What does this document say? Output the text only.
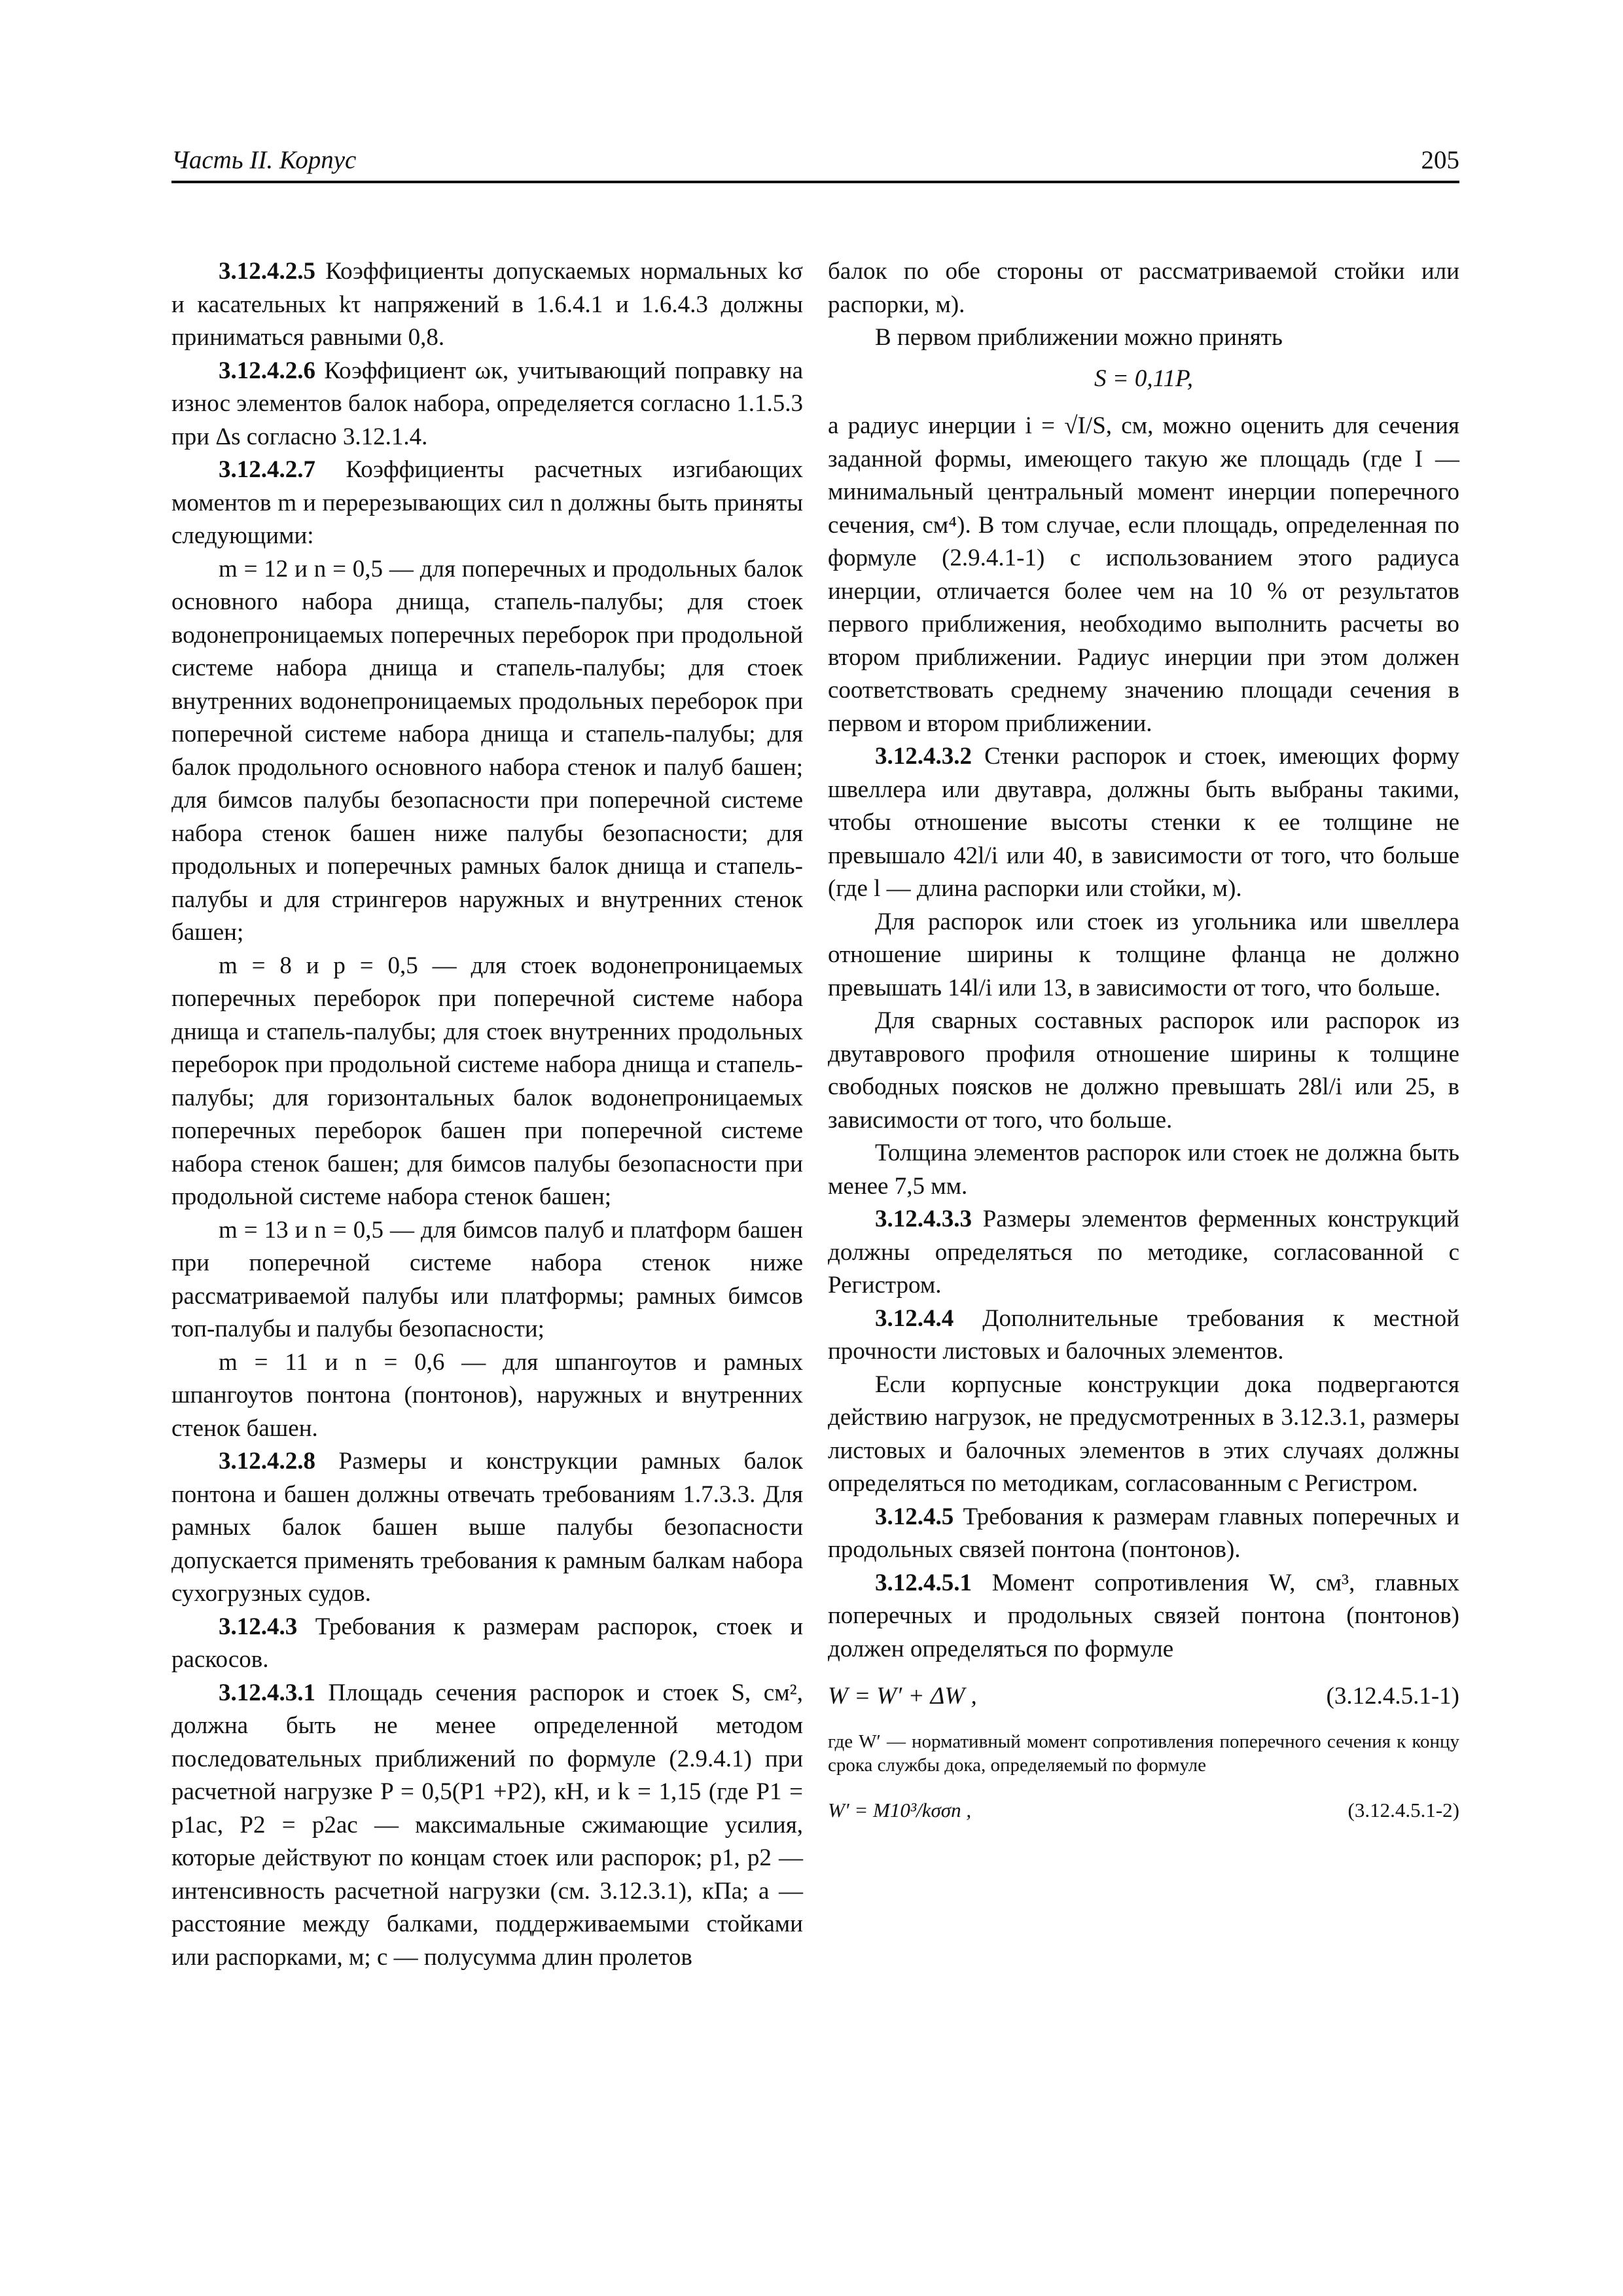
Часть II. Корпус	205

3.12.4.2.5 Коэффициенты допускаемых нормальных kσ и касательных kτ напряжений в 1.6.4.1 и 1.6.4.3 должны приниматься равными 0,8.

3.12.4.2.6 Коэффициент ωк, учитывающий поправку на износ элементов балок набора, определяется согласно 1.1.5.3 при Δs согласно 3.12.1.4.

3.12.4.2.7 Коэффициенты расчетных изгибающих моментов m и перерезывающих сил n должны быть приняты следующими:

m = 12 и n = 0,5 — для поперечных и продольных балок основного набора днища, стапель-палубы; для стоек водонепроницаемых поперечных переборок при продольной системе набора днища и стапель-палубы; для стоек внутренних водонепроницаемых продольных переборок при поперечной системе набора днища и стапель-палубы; для балок продольного основного набора стенок и палуб башен; для бимсов палубы безопасности при поперечной системе набора стенок башен ниже палубы безопасности; для продольных и поперечных рамных балок днища и стапель-палубы и для стрингеров наружных и внутренних стенок башен;

m = 8 и p = 0,5 — для стоек водонепроницаемых поперечных переборок при поперечной системе набора днища и стапель-палубы; для стоек внутренних продольных переборок при продольной системе набора днища и стапель-палубы; для горизонтальных балок водонепроницаемых поперечных переборок башен при поперечной системе набора стенок башен; для бимсов палубы безопасности при продольной системе набора стенок башен;

m = 13 и n = 0,5 — для бимсов палуб и платформ башен при поперечной системе набора стенок ниже рассматриваемой палубы или платформы; рамных бимсов топ-палубы и палубы безопасности;

m = 11 и n = 0,6 — для шпангоутов и рамных шпангоутов понтона (понтонов), наружных и внутренних стенок башен.

3.12.4.2.8 Размеры и конструкции рамных балок понтона и башен должны отвечать требованиям 1.7.3.3. Для рамных балок башен выше палубы безопасности допускается применять требования к рамным балкам набора сухогрузных судов.

3.12.4.3 Требования к размерам распорок, стоек и раскосов.

3.12.4.3.1 Площадь сечения распорок и стоек S, см², должна быть не менее определенной методом последовательных приближений по формуле (2.9.4.1) при расчетной нагрузке P = 0,5(P1 +P2), кН, и k = 1,15 (где P1 = p1ac, P2 = p2ac — максимальные сжимающие усилия, которые действуют по концам стоек или распорок; p1, p2 — интенсивность расчетной нагрузки (см. 3.12.3.1), кПа; a — расстояние между балками, поддерживаемыми стойками или распорками, м; c — полусумма длин пролетов

балок по обе стороны от рассматриваемой стойки или распорки, м).

В первом приближении можно принять

S = 0,11P,

а радиус инерции i = √I/S, см, можно оценить для сечения заданной формы, имеющего такую же площадь (где I — минимальный центральный момент инерции поперечного сечения, см⁴). В том случае, если площадь, определенная по формуле (2.9.4.1-1) с использованием этого радиуса инерции, отличается более чем на 10 % от результатов первого приближения, необходимо выполнить расчеты во втором приближении. Радиус инерции при этом должен соответствовать среднему значению площади сечения в первом и втором приближении.

3.12.4.3.2 Стенки распорок и стоек, имеющих форму швеллера или двутавра, должны быть выбраны такими, чтобы отношение высоты стенки к ее толщине не превышало 42l/i или 40, в зависимости от того, что больше (где l — длина распорки или стойки, м).

Для распорок или стоек из угольника или швеллера отношение ширины к толщине фланца не должно превышать 14l/i или 13, в зависимости от того, что больше.

Для сварных составных распорок или распорок из двутаврового профиля отношение ширины к толщине свободных поясков не должно превышать 28l/i или 25, в зависимости от того, что больше.

Толщина элементов распорок или стоек не должна быть менее 7,5 мм.

3.12.4.3.3 Размеры элементов ферменных конструкций должны определяться по методике, согласованной с Регистром.

3.12.4.4 Дополнительные требования к местной прочности листовых и балочных элементов.

Если корпусные конструкции дока подвергаются действию нагрузок, не предусмотренных в 3.12.3.1, размеры листовых и балочных элементов в этих случаях должны определяться по методикам, согласованным с Регистром.

3.12.4.5 Требования к размерам главных поперечных и продольных связей понтона (понтонов).

3.12.4.5.1 Момент сопротивления W, см³, главных поперечных и продольных связей понтона (понтонов) должен определяться по формуле

W = W′ + ΔW ,	(3.12.4.5.1-1)

где W′ — нормативный момент сопротивления поперечного сечения к концу срока службы дока, определяемый по формуле

W′ = M10³/kσσn ,	(3.12.4.5.1-2)
